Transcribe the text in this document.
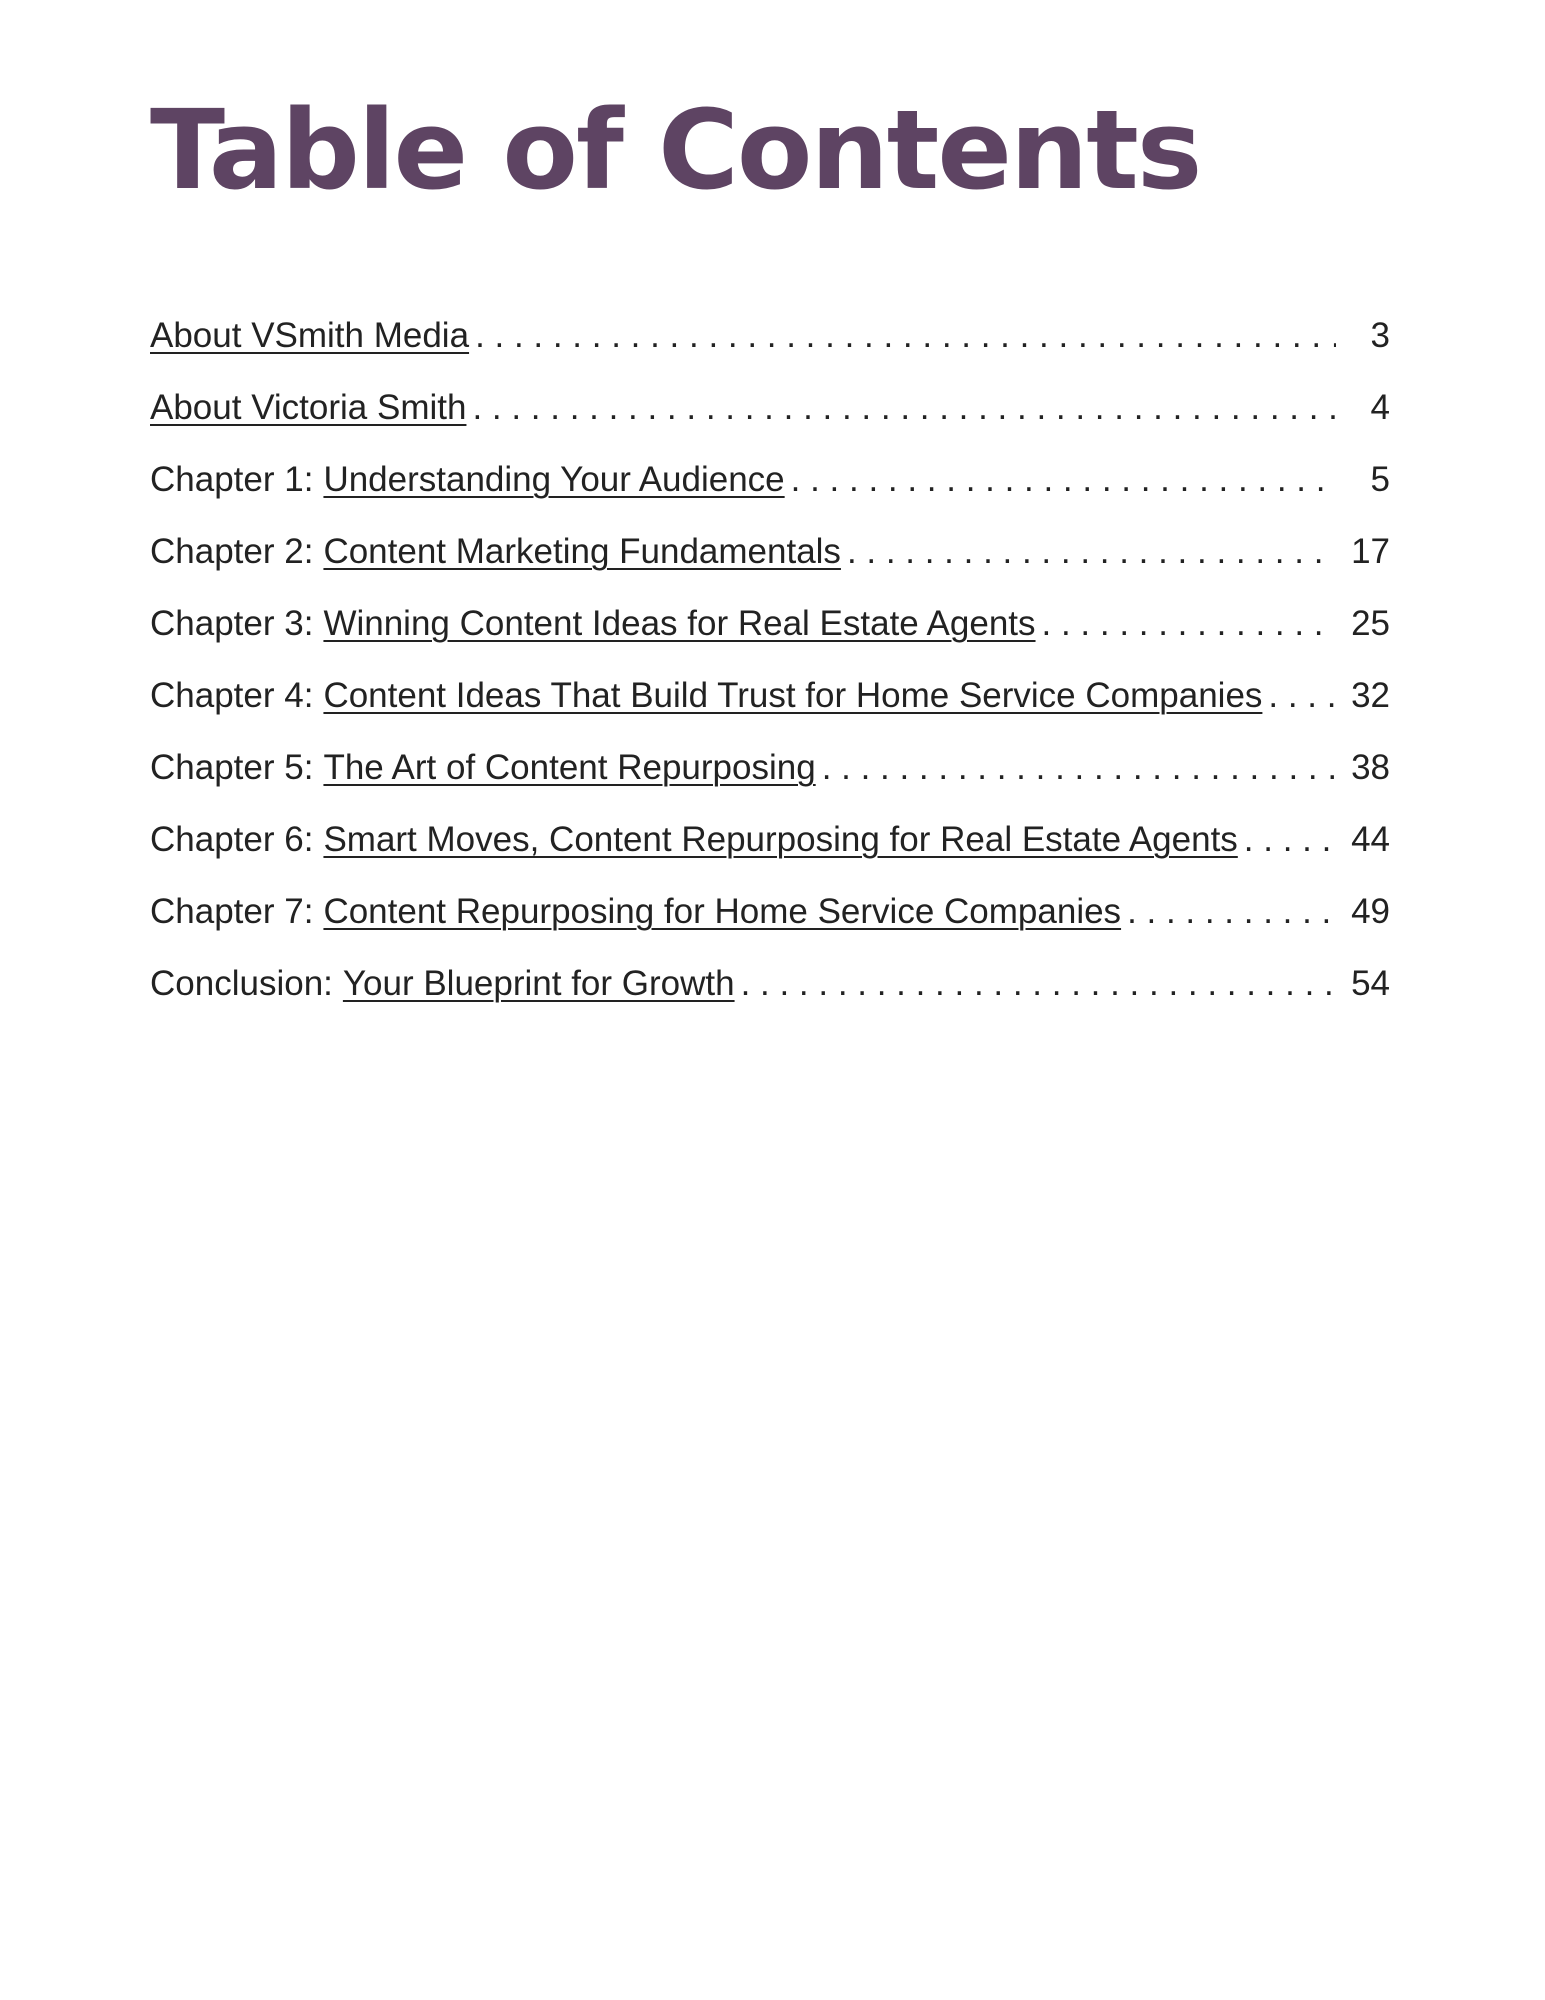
Table of Contents
About VSmith Media . . .	3
About Victoria Smith . . .	4
Chapter 1: Understanding Your Audience . . .	5
Chapter 2: Content Marketing Fundamentals . . .	17
Chapter 3: Winning Content Ideas for Real Estate Agents . . .	25
Chapter 4: Content Ideas That Build Trust for Home Service Companies . . .	32
Chapter 5: The Art of Content Repurposing . . .	38
Chapter 6: Smart Moves, Content Repurposing for Real Estate Agents . . .	44
Chapter 7: Content Repurposing for Home Service Companies . . .	49
Conclusion: Your Blueprint for Growth . . .	54
